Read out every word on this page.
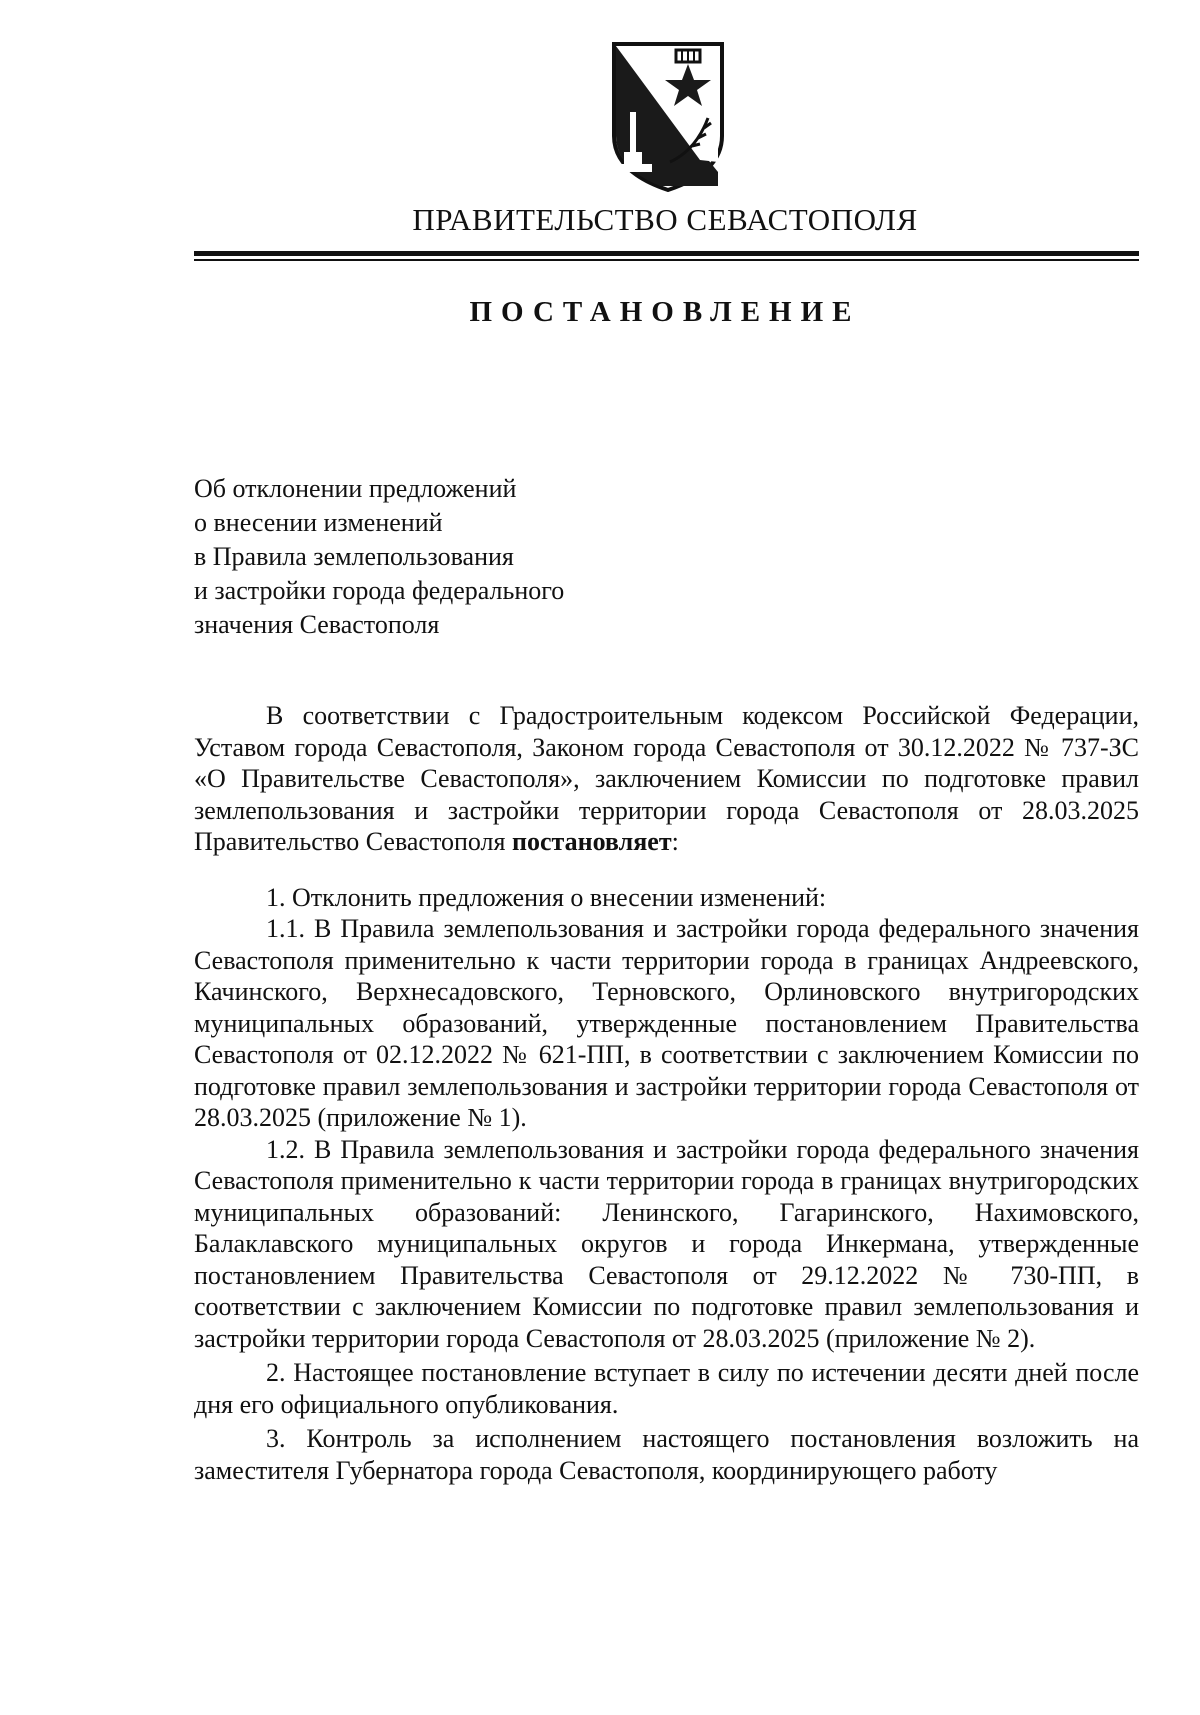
ПРАВИТЕЛЬСТВО СЕВАСТОПОЛЯ
ПОСТАНОВЛЕНИЕ
Об отклонении предложений
о внесении изменений
в Правила землепользования
и застройки города федерального
значения Севастополя

В соответствии с Градостроительным кодексом Российской Федерации, Уставом города Севастополя, Законом города Севастополя от 30.12.2022 № 737-ЗС «О Правительстве Севастополя», заключением Комиссии по подготовке правил землепользования и застройки территории города Севастополя от 28.03.2025 Правительство Севастополя постановляет:

1. Отклонить предложения о внесении изменений:

1.1. В Правила землепользования и застройки города федерального значения Севастополя применительно к части территории города в границах Андреевского, Качинского, Верхнесадовского, Терновского, Орлиновского внутригородских муниципальных образований, утвержденные постановлением Правительства Севастополя от 02.12.2022 № 621-ПП, в соответствии с заключением Комиссии по подготовке правил землепользования и застройки территории города Севастополя от 28.03.2025 (приложение № 1).

1.2. В Правила землепользования и застройки города федерального значения Севастополя применительно к части территории города в границах внутригородских муниципальных образований: Ленинского, Гагаринского, Нахимовского, Балаклавского муниципальных округов и города Инкермана, утвержденные постановлением Правительства Севастополя от 29.12.2022 № 730-ПП, в соответствии с заключением Комиссии по подготовке правил землепользования и застройки территории города Севастополя от 28.03.2025 (приложение № 2).

2. Настоящее постановление вступает в силу по истечении десяти дней после дня его официального опубликования.

3. Контроль за исполнением настоящего постановления возложить на заместителя Губернатора города Севастополя, координирующего работу
